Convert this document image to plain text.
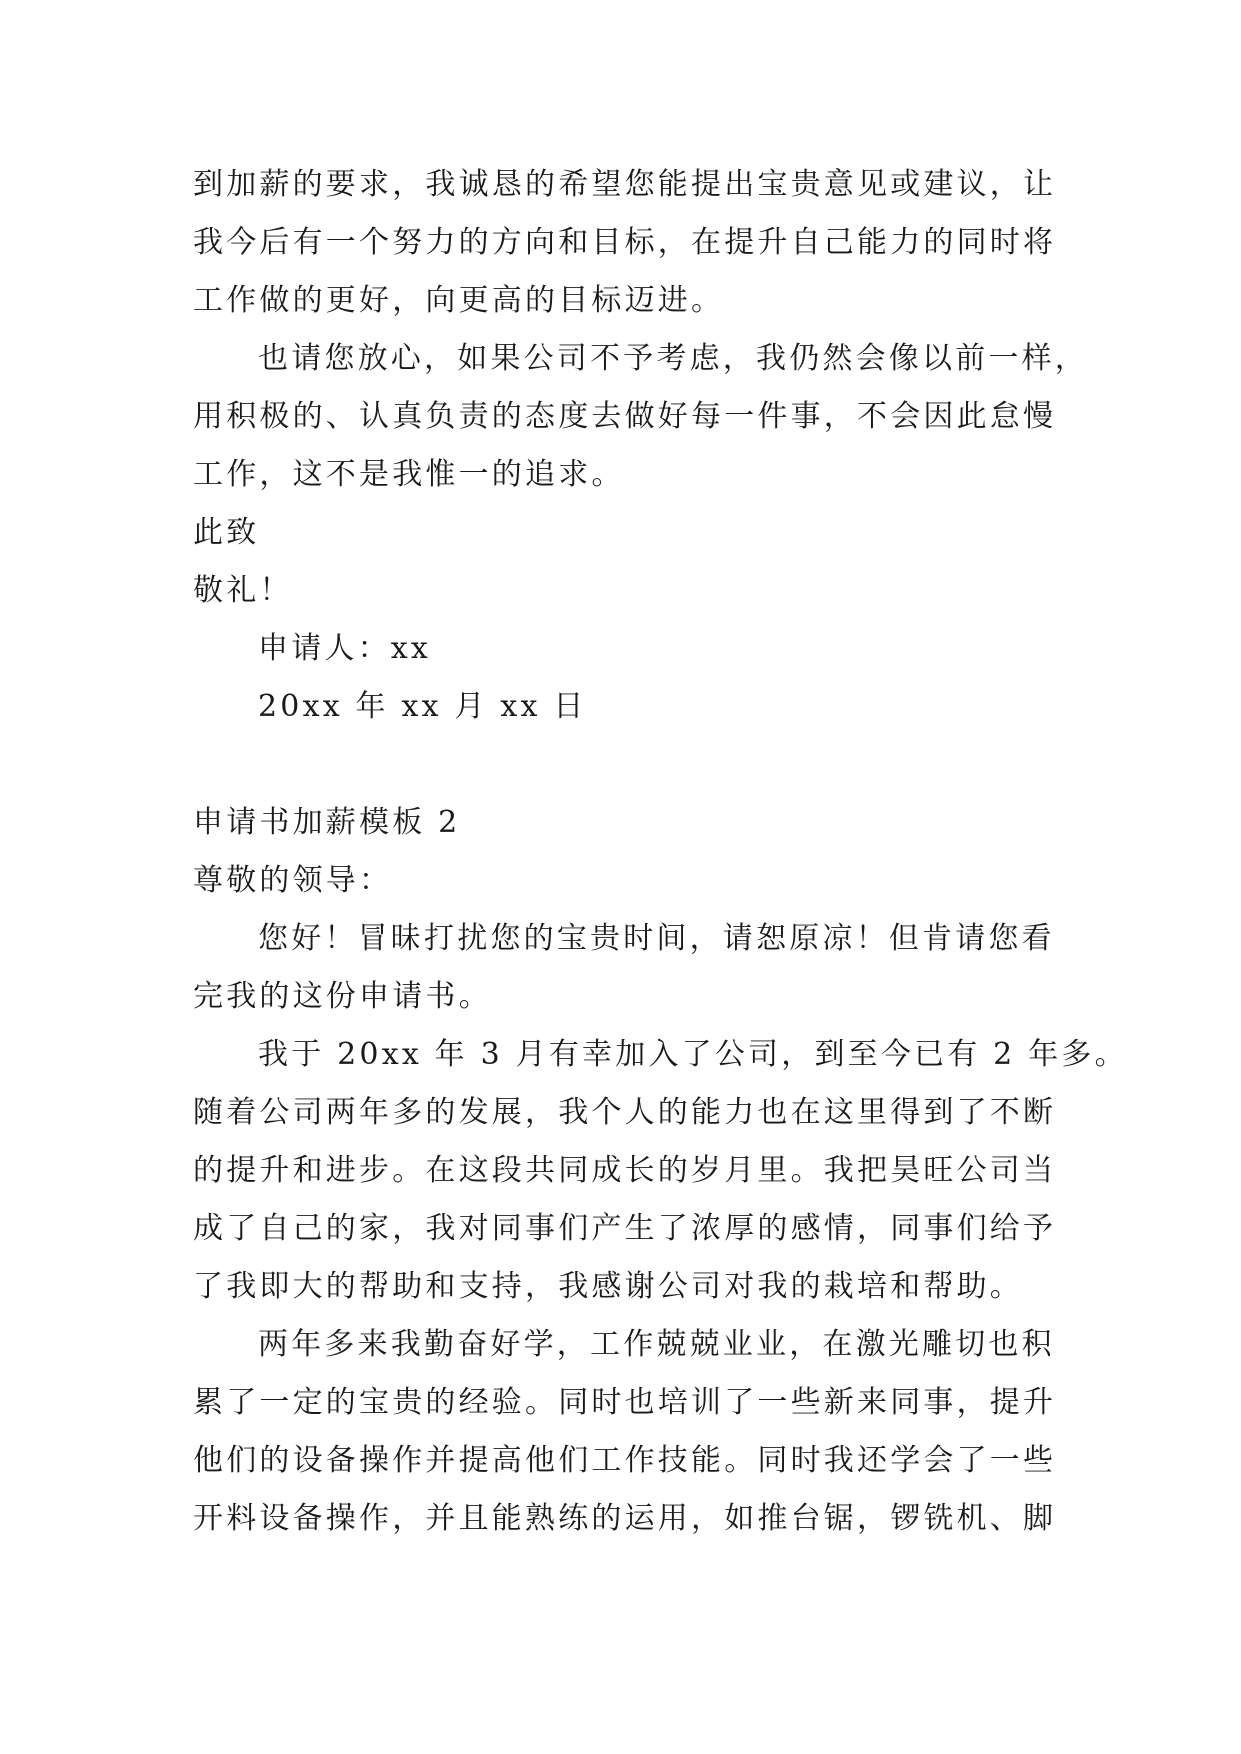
到加薪的要求，我诚恳的希望您能提出宝贵意见或建议，让
我今后有一个努力的方向和目标，在提升自己能力的同时将
工作做的更好，向更高的目标迈进。
也请您放心，如果公司不予考虑，我仍然会像以前一样，
用积极的、认真负责的态度去做好每一件事，不会因此怠慢
工作，这不是我惟一的追求。
此致
敬礼！
申请人：xx
20xx 年 xx 月 xx 日
申请书加薪模板 2
尊敬的领导：
您好！冒昧打扰您的宝贵时间，请恕原凉！但肯请您看
完我的这份申请书。
我于 20xx 年 3 月有幸加入了公司，到至今已有 2 年多。
随着公司两年多的发展，我个人的能力也在这里得到了不断
的提升和进步。在这段共同成长的岁月里。我把昊旺公司当
成了自己的家，我对同事们产生了浓厚的感情，同事们给予
了我即大的帮助和支持，我感谢公司对我的栽培和帮助。
两年多来我勤奋好学，工作兢兢业业，在激光雕切也积
累了一定的宝贵的经验。同时也培训了一些新来同事，提升
他们的设备操作并提高他们工作技能。同时我还学会了一些
开料设备操作，并且能熟练的运用，如推台锯，锣铣机、脚
